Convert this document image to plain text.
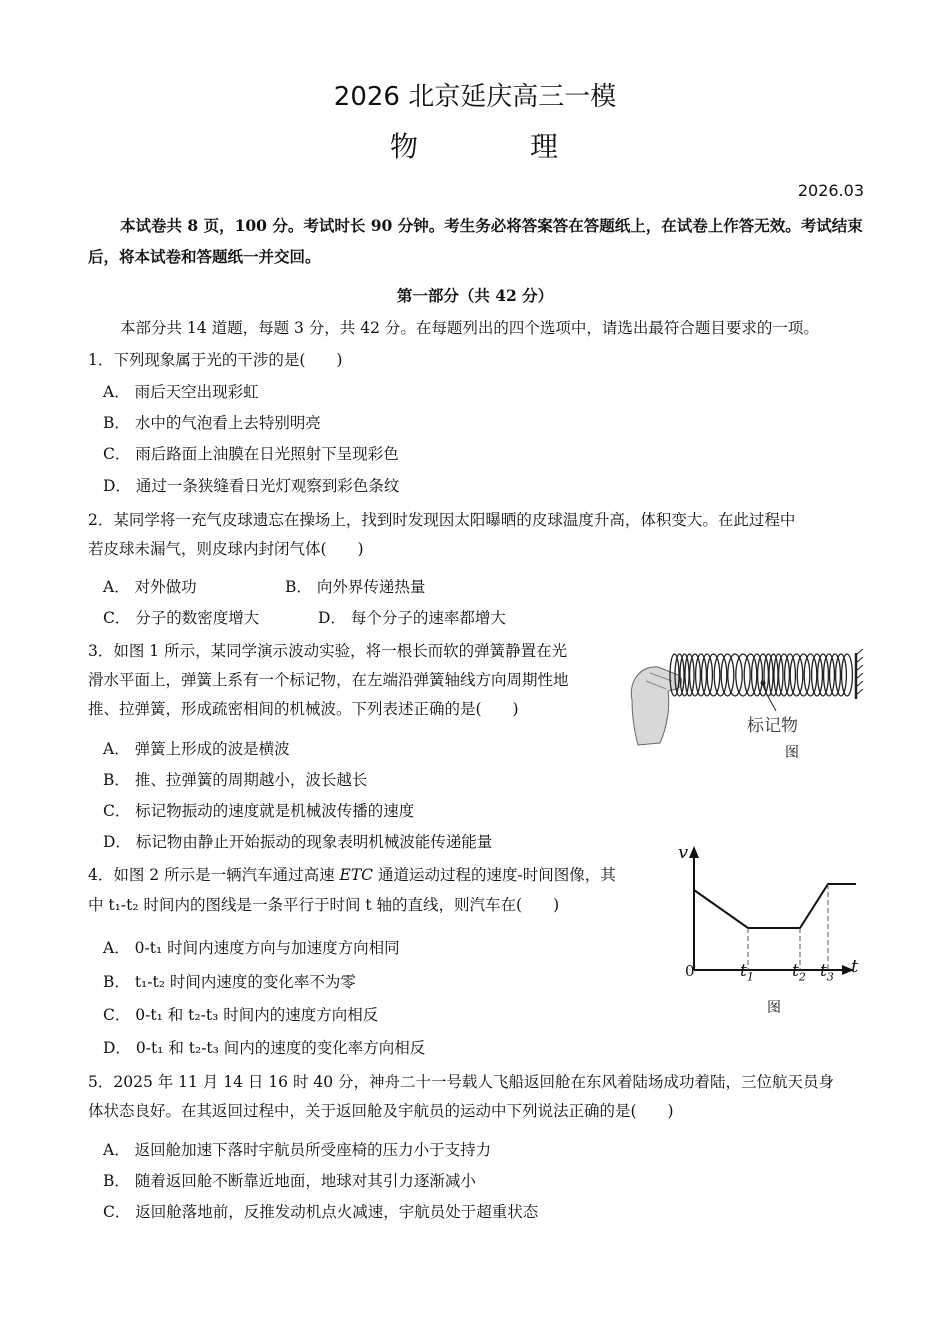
2026 北京延庆高三一模
物	理
2026.03
本试卷共 8 页，100 分。考试时长 90 分钟。考生务必将答案答在答题纸上，在试卷上作答无效。考试结束后，将本试卷和答题纸一并交回。
第一部分（共 42 分）
本部分共 14 道题，每题 3 分，共 42 分。在每题列出的四个选项中，请选出最符合题目要求的一项。
1．下列现象属于光的干涉的是(　　)
A． 雨后天空出现彩虹
B． 水中的气泡看上去特别明亮
C． 雨后路面上油膜在日光照射下呈现彩色
D． 通过一条狭缝看日光灯观察到彩色条纹
2．某同学将一充气皮球遗忘在操场上，找到时发现因太阳曝晒的皮球温度升高，体积变大。在此过程中
若皮球未漏气，则皮球内封闭气体(　　)
A． 对外做功	B． 向外界传递热量
C． 分子的数密度增大	D． 每个分子的速率都增大
3．如图 1 所示，某同学演示波动实验，将一根长而软的弹簧静置在光
滑水平面上，弹簧上系有一个标记物，在左端沿弹簧轴线方向周期性地
推、拉弹簧，形成疏密相间的机械波。下列表述正确的是(　　)
A． 弹簧上形成的波是横波
B． 推、拉弹簧的周期越小，波长越长
C． 标记物振动的速度就是机械波传播的速度
D． 标记物由静止开始振动的现象表明机械波能传递能量
标记物
图
4．如图 2 所示是一辆汽车通过高速 ETC 通道运动过程的速度-时间图像，其
中 t₁-t₂ 时间内的图线是一条平行于时间 t 轴的直线，则汽车在(　　)
A． 0-t₁ 时间内速度方向与加速度方向相同
B． t₁-t₂ 时间内速度的变化率不为零
C． 0-t₁ 和 t₂-t₃ 时间内的速度方向相反
D． 0-t₁ 和 t₂-t₃ 间内的速度的变化率方向相反
v
t
0	$t_1$ $t_2$ $t_3$
图
5．2025 年 11 月 14 日 16 时 40 分，神舟二十一号载人飞船返回舱在东风着陆场成功着陆，三位航天员身
体状态良好。在其返回过程中，关于返回舱及宇航员的运动中下列说法正确的是(　　)
A． 返回舱加速下落时宇航员所受座椅的压力小于支持力
B． 随着返回舱不断靠近地面，地球对其引力逐渐减小
C． 返回舱落地前，反推发动机点火减速，宇航员处于超重状态
